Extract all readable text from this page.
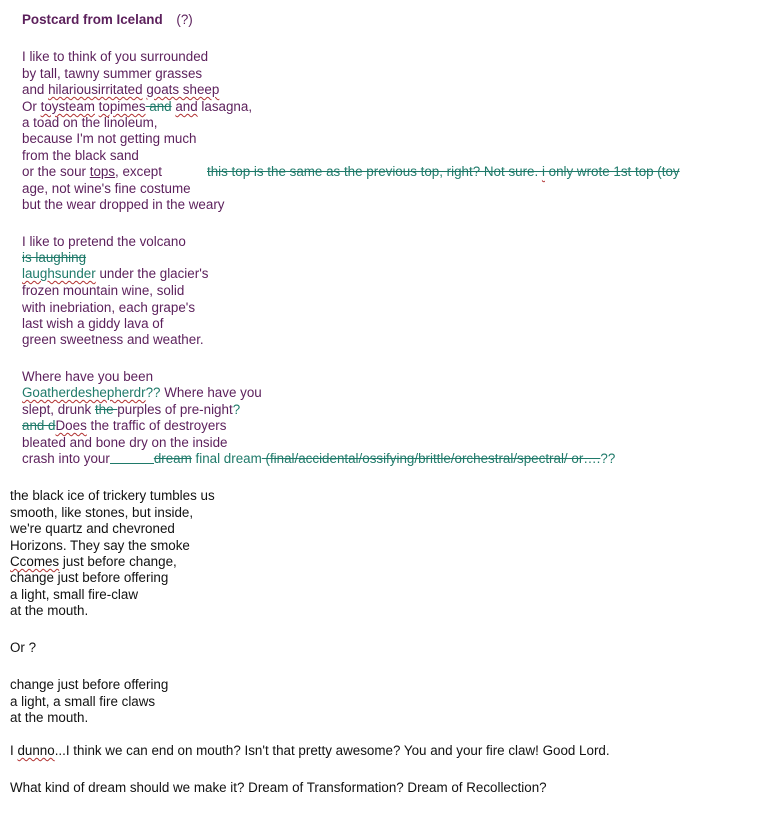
Postcard from Iceland (?)
I like to think of you surrounded
by tall, tawny summer grasses
and hilariousirritated goats sheep
Or toysteam topimes and and lasagna,
a toad on the linoleum,
because I'm not getting much
from the black sand
or the sour tops, except	this top is the same as the previous top, right? Not sure. i only wrote 1st top (toy
age, not wine's fine costume
but the wear dropped in the weary
I like to pretend the volcano
is laughing
laughsunder under the glacier's
frozen mountain wine, solid
with inebriation, each grape's
last wish a giddy lava of
green sweetness and weather.
Where have you been
Goatherdeshepherdr?? Where have you
slept, drunk the purples of pre-night?
and dDoes the traffic of destroyers
bleated and bone dry on the inside
crash into your	dream final dream (final/accidental/ossifying/brittle/orchestral/spectral/ or….??
the black ice of trickery tumbles us
smooth, like stones, but inside,
we're quartz and chevroned
Horizons. They say the smoke
Ccomes just before change,
change just before offering
a light, small fire-claw
at the mouth.
Or ?
change just before offering
a light, a small fire claws
at the mouth.
I dunno...I think we can end on mouth? Isn't that pretty awesome? You and your fire claw! Good Lord.
What kind of dream should we make it? Dream of Transformation? Dream of Recollection?
